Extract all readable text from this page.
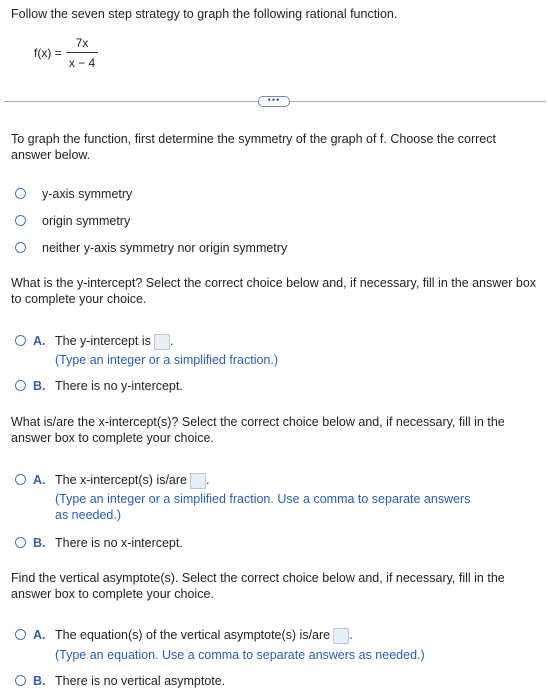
Follow the seven step strategy to graph the following rational function.
f(x) =
7x
x − 4
•••
To graph the function, first determine the symmetry of the graph of f. Choose the correct answer below.
y-axis symmetry
origin symmetry
neither y-axis symmetry nor origin symmetry
What is the y-intercept? Select the correct choice below and, if necessary, fill in the answer box to complete your choice.
A. The y-intercept is .
(Type an integer or a simplified fraction.)
B. There is no y-intercept.
What is/are the x-intercept(s)? Select the correct choice below and, if necessary, fill in the answer box to complete your choice.
A. The x-intercept(s) is/are .
(Type an integer or a simplified fraction. Use a comma to separate answers
as needed.)
B. There is no x-intercept.
Find the vertical asymptote(s). Select the correct choice below and, if necessary, fill in the answer box to complete your choice.
A. The equation(s) of the vertical asymptote(s) is/are .
(Type an equation. Use a comma to separate answers as needed.)
B. There is no vertical asymptote.
